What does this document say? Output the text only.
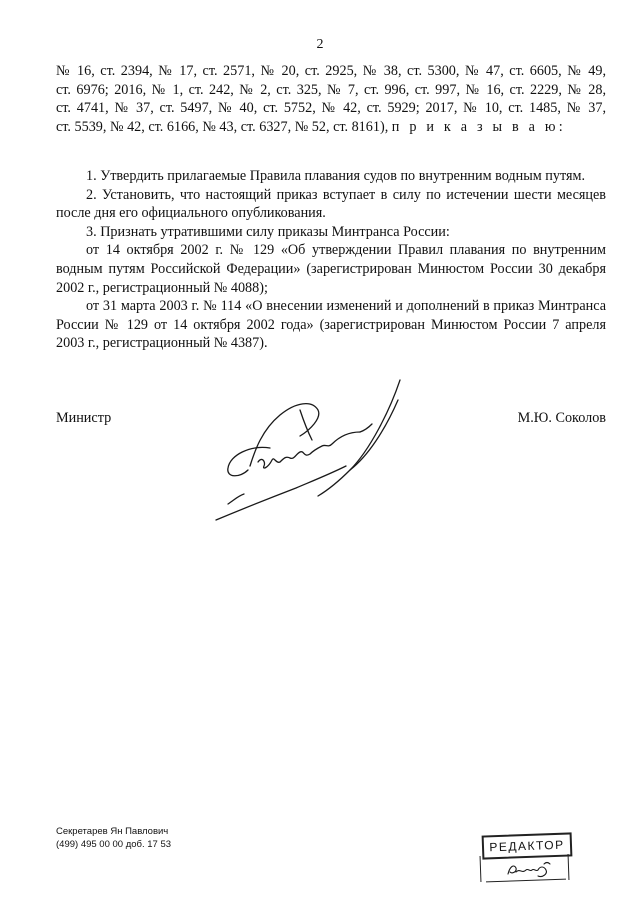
2
№ 16, ст. 2394, № 17, ст. 2571, № 20, ст. 2925, № 38, ст. 5300, № 47, ст. 6605, № 49,
ст. 6976; 2016, № 1, ст. 242, № 2, ст. 325, № 7, ст. 996, ст. 997, № 16, ст. 2229, № 28,
ст. 4741, № 37, ст. 5497, № 40, ст. 5752, № 42, ст. 5929; 2017, № 10, ст. 1485, № 37,
ст. 5539, № 42, ст. 6166, № 43, ст. 6327, № 52, ст. 8161), п р и к а з ы в а ю:

1. Утвердить прилагаемые Правила плавания судов по внутренним водным путям.

2. Установить, что настоящий приказ вступает в силу по истечении шести месяцев после дня его официального опубликования.

3. Признать утратившими силу приказы Минтранса России:

от 14 октября 2002 г. № 129 «Об утверждении Правил плавания по внутренним водным путям Российской Федерации» (зарегистрирован Минюстом России 30 декабря 2002 г., регистрационный № 4088);

от 31 марта 2003 г. № 114 «О внесении изменений и дополнений в приказ Минтранса России № 129 от 14 октября 2002 года» (зарегистрирован Минюстом России 7 апреля 2003 г., регистрационный № 4387).

Министр	М.Ю. Соколов
Секретарев Ян Павлович
(499) 495 00 00 доб. 17 53	РЕДАКТОР
